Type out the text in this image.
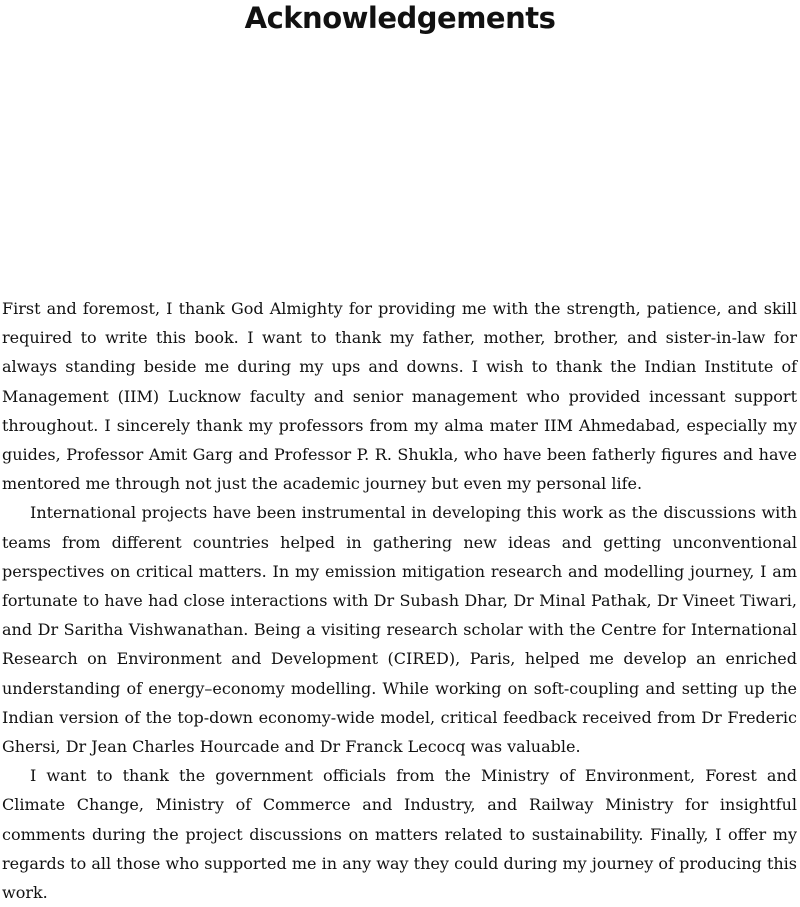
Acknowledgements

First and foremost, I thank God Almighty for providing me with the strength, patience, and skill required to write this book. I want to thank my father, mother, brother, and sister-in-law for always standing beside me during my ups and downs. I wish to thank the Indian Institute of Management (IIM) Lucknow faculty and senior management who provided incessant support throughout. I sincerely thank my professors from my alma mater IIM Ahmedabad, especially my guides, Professor Amit Garg and Professor P. R. Shukla, who have been fatherly figures and have mentored me through not just the academic journey but even my personal life.

International projects have been instrumental in developing this work as the discussions with teams from different countries helped in gathering new ideas and getting unconventional perspectives on critical matters. In my emission mitigation research and modelling journey, I am fortunate to have had close interactions with Dr Subash Dhar, Dr Minal Pathak, Dr Vineet Tiwari, and Dr Saritha Vishwanathan. Being a visiting research scholar with the Centre for International Research on Environment and Development (CIRED), Paris, helped me develop an enriched understanding of energy–economy modelling. While working on soft-coupling and setting up the Indian version of the top-down economy-wide model, critical feedback received from Dr Frederic Ghersi, Dr Jean Charles Hourcade and Dr Franck Lecocq was valuable.

I want to thank the government officials from the Ministry of Environment, Forest and Climate Change, Ministry of Commerce and Industry, and Railway Ministry for insightful comments during the project discussions on matters related to sustainability. Finally, I offer my regards to all those who supported me in any way they could during my journey of producing this work.
